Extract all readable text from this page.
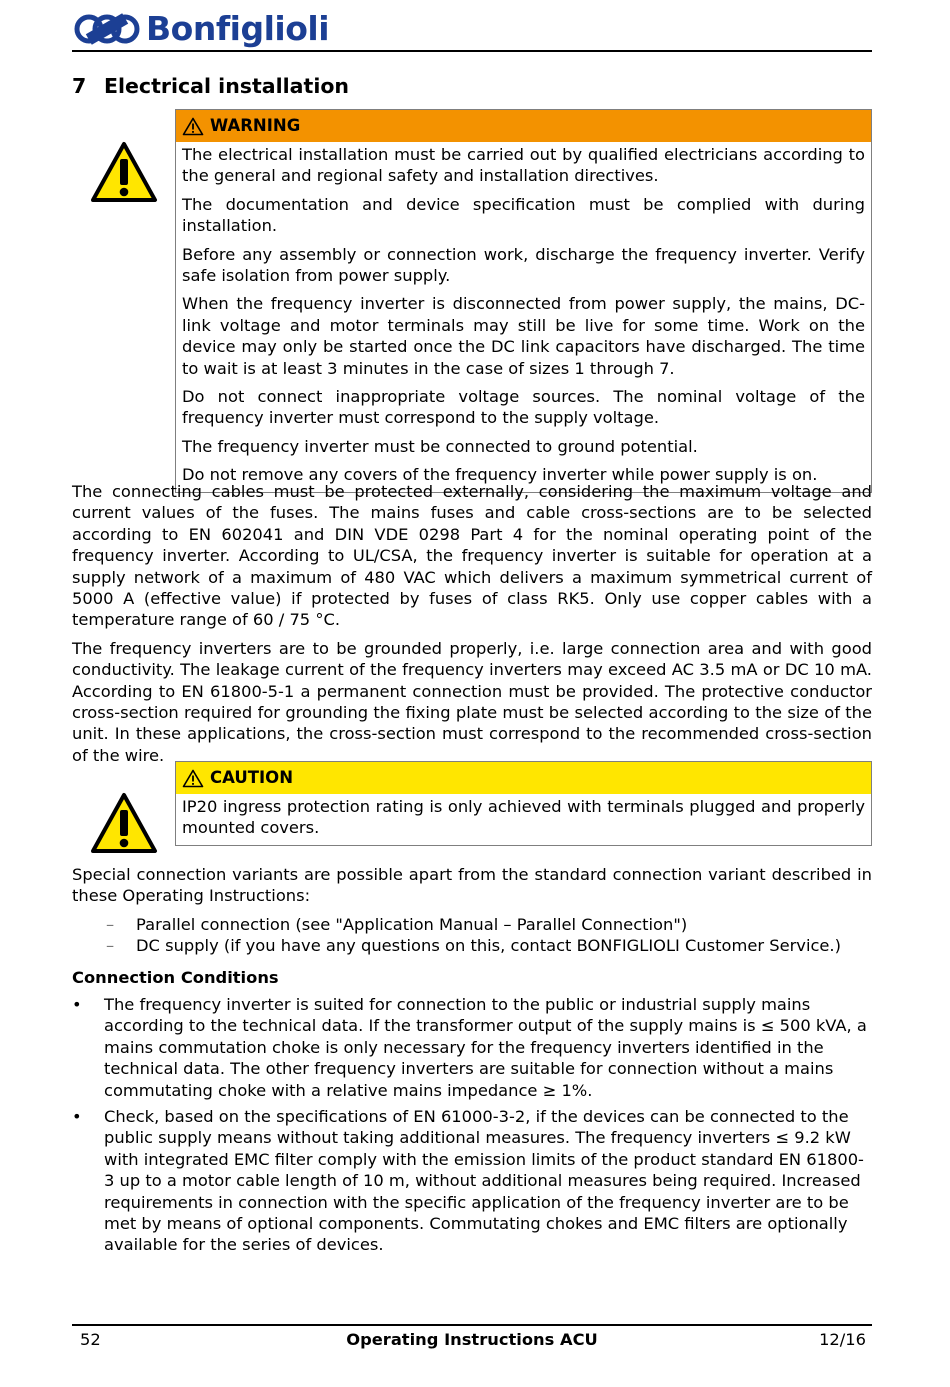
Bonfiglioli
7 Electrical installation
WARNING

The electrical installation must be carried out by qualified electricians according to the general and regional safety and installation directives.

The documentation and device specification must be complied with during installation.

Before any assembly or connection work, discharge the frequency inverter. Verify safe isolation from power supply.

When the frequency inverter is disconnected from power supply, the mains, DC-link voltage and motor terminals may still be live for some time. Work on the device may only be started once the DC link capacitors have discharged. The time to wait is at least 3 minutes in the case of sizes 1 through 7.

Do not connect inappropriate voltage sources. The nominal voltage of the frequency inverter must correspond to the supply voltage.

The frequency inverter must be connected to ground potential.

Do not remove any covers of the frequency inverter while power supply is on.

The connecting cables must be protected externally, considering the maximum voltage and current values of the fuses. The mains fuses and cable cross-sections are to be selected according to EN 602041 and DIN VDE 0298 Part 4 for the nominal operating point of the frequency inverter. According to UL/CSA, the frequency inverter is suitable for operation at a supply network of a maximum of 480 VAC which delivers a maximum symmetrical current of 5000 A (effective value) if protected by fuses of class RK5. Only use copper cables with a temperature range of 60 / 75 °C.

The frequency inverters are to be grounded properly, i.e. large connection area and with good conductivity. The leakage current of the frequency inverters may exceed AC 3.5 mA or DC 10 mA. According to EN 61800-5-1 a permanent connection must be provided. The protective conductor cross-section required for grounding the fixing plate must be selected according to the size of the unit. In these applications, the cross-section must correspond to the recommended cross-section of the wire.

CAUTION

IP20 ingress protection rating is only achieved with terminals plugged and properly mounted covers.

Special connection variants are possible apart from the standard connection variant described in these Operating Instructions:

– Parallel connection (see "Application Manual – Parallel Connection")
– DC supply (if you have any questions on this, contact BONFIGLIOLI Customer Service.)
Connection Conditions
• The frequency inverter is suited for connection to the public or industrial supply mains according to the technical data. If the transformer output of the supply mains is ≤ 500 kVA, a mains commutation choke is only necessary for the frequency inverters identified in the technical data. The other frequency inverters are suitable for connection without a mains commutating choke with a relative mains impedance ≥ 1%.
• Check, based on the specifications of EN 61000-3-2, if the devices can be connected to the public supply means without taking additional measures. The frequency inverters ≤ 9.2 kW with integrated EMC filter comply with the emission limits of the product standard EN 61800-3 up to a motor cable length of 10 m, without additional measures being required. Increased requirements in connection with the specific application of the frequency inverter are to be met by means of optional components. Commutating chokes and EMC filters are optionally available for the series of devices.
52	Operating Instructions ACU	12/16
